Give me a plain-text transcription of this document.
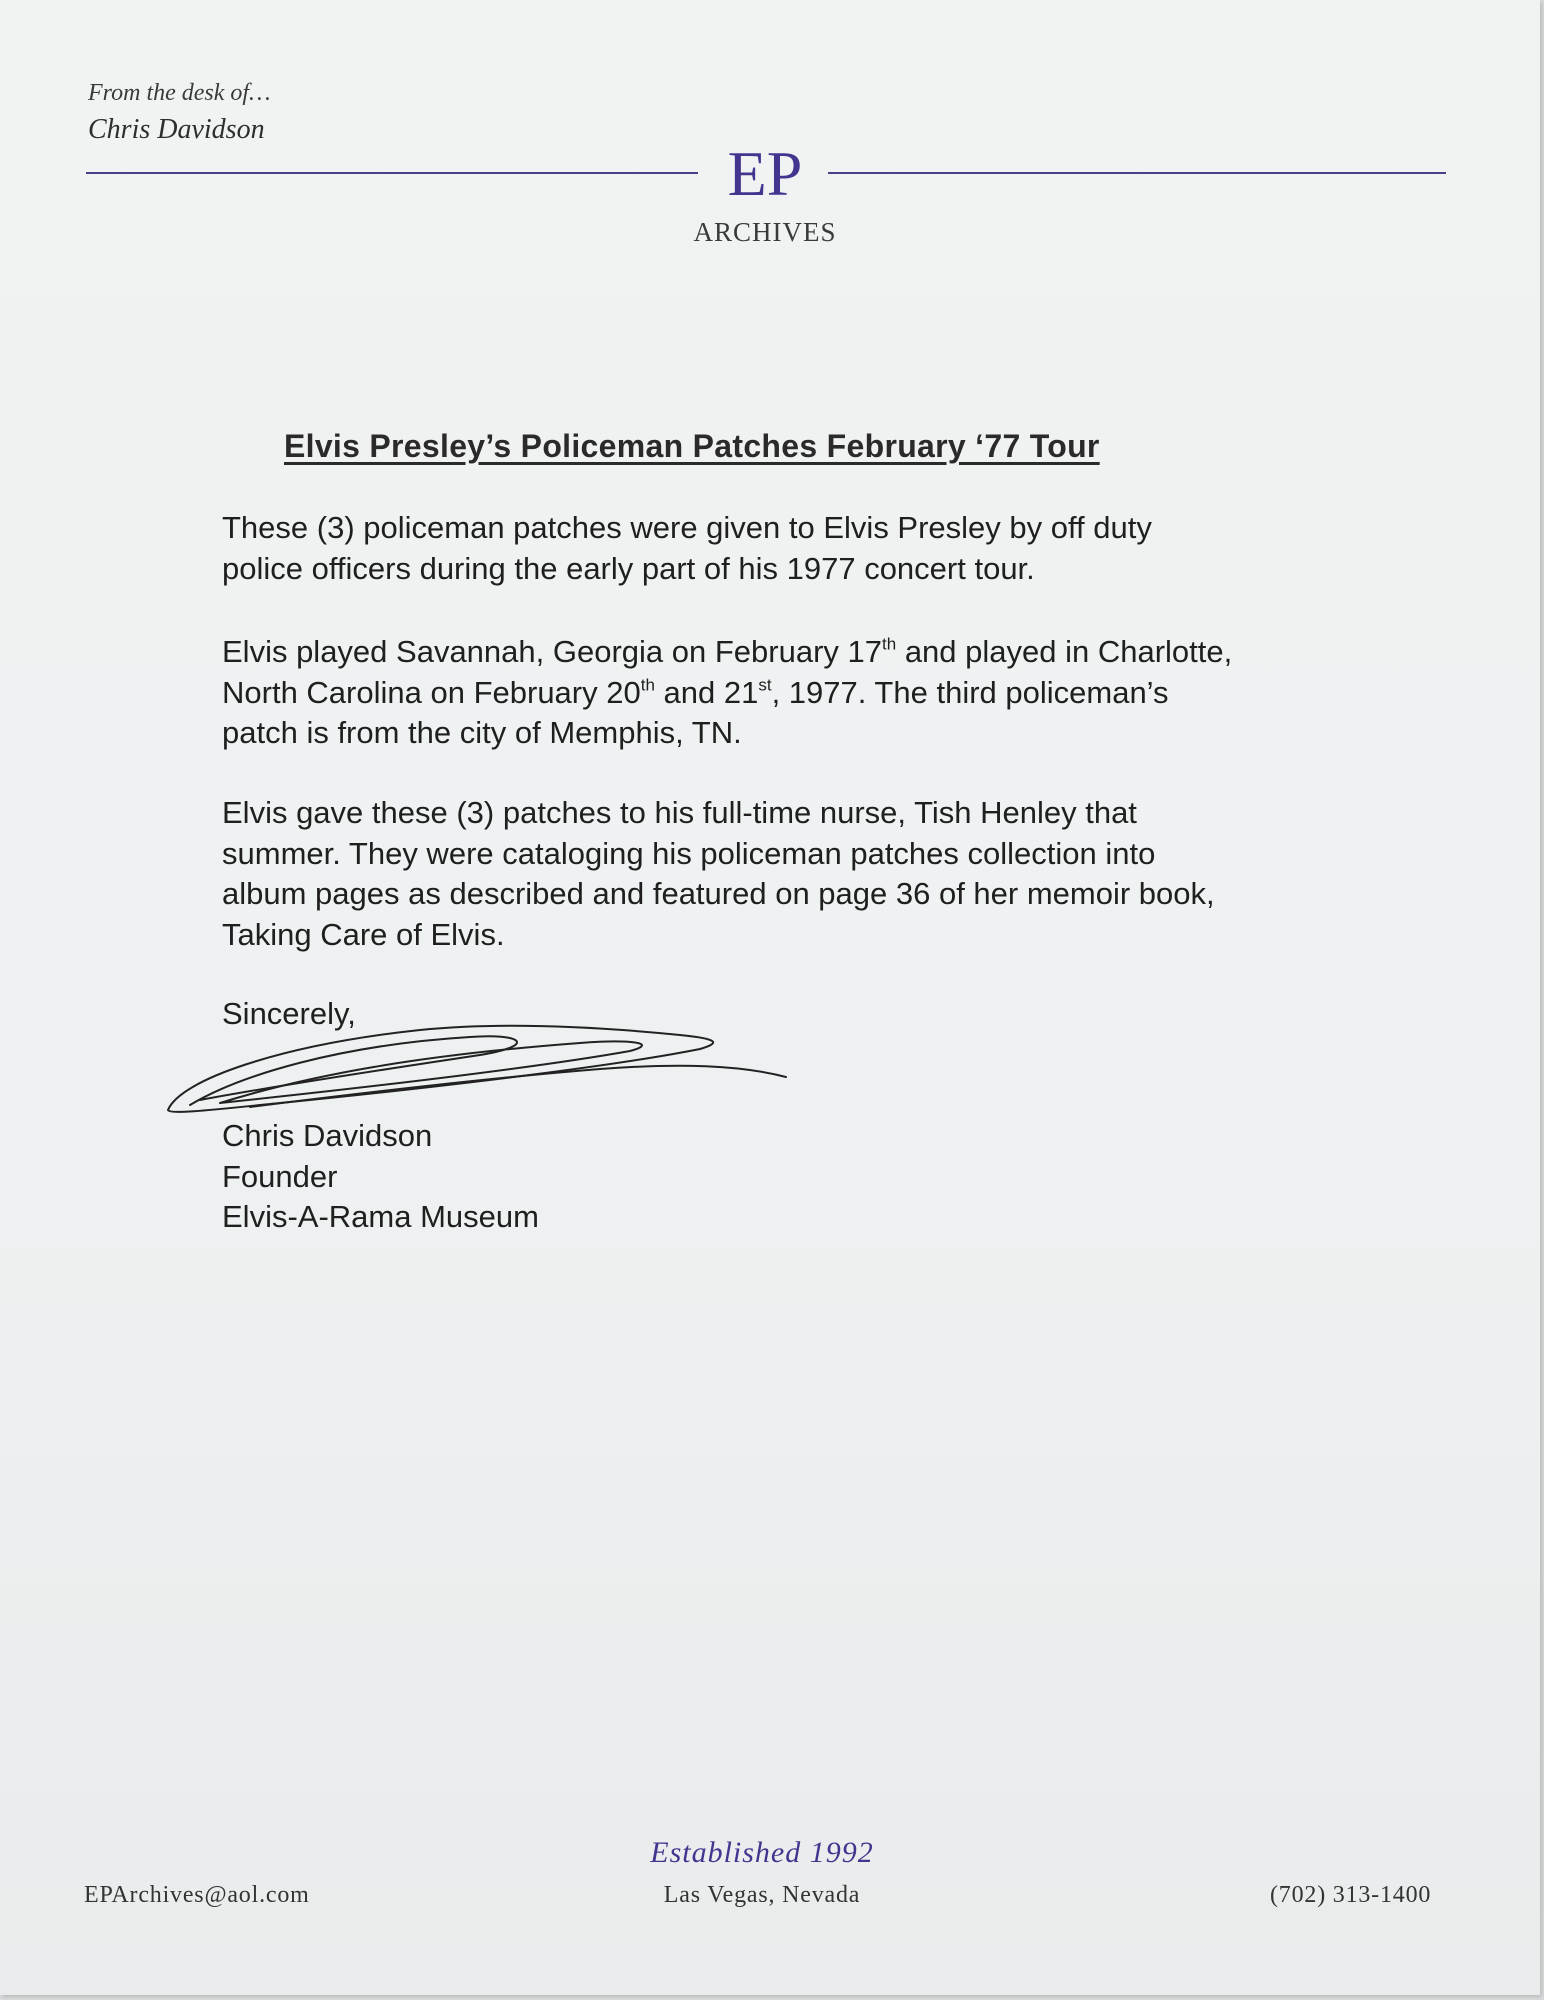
From the desk of…
Chris Davidson
EP
ARCHIVES
Elvis Presley’s Policeman Patches February ‘77 Tour
These (3) policeman patches were given to Elvis Presley by off duty
police officers during the early part of his 1977 concert tour.
Elvis played Savannah, Georgia on February 17th and played in Charlotte,
North Carolina on February 20th and 21st, 1977. The third policeman’s
patch is from the city of Memphis, TN.
Elvis gave these (3) patches to his full-time nurse, Tish Henley that
summer. They were cataloging his policeman patches collection into
album pages as described and featured on page 36 of her memoir book,
Taking Care of Elvis.
Sincerely,
Chris Davidson
Founder
Elvis-A-Rama Museum
Established 1992
EPArchives@aol.com	Las Vegas, Nevada	(702) 313-1400
